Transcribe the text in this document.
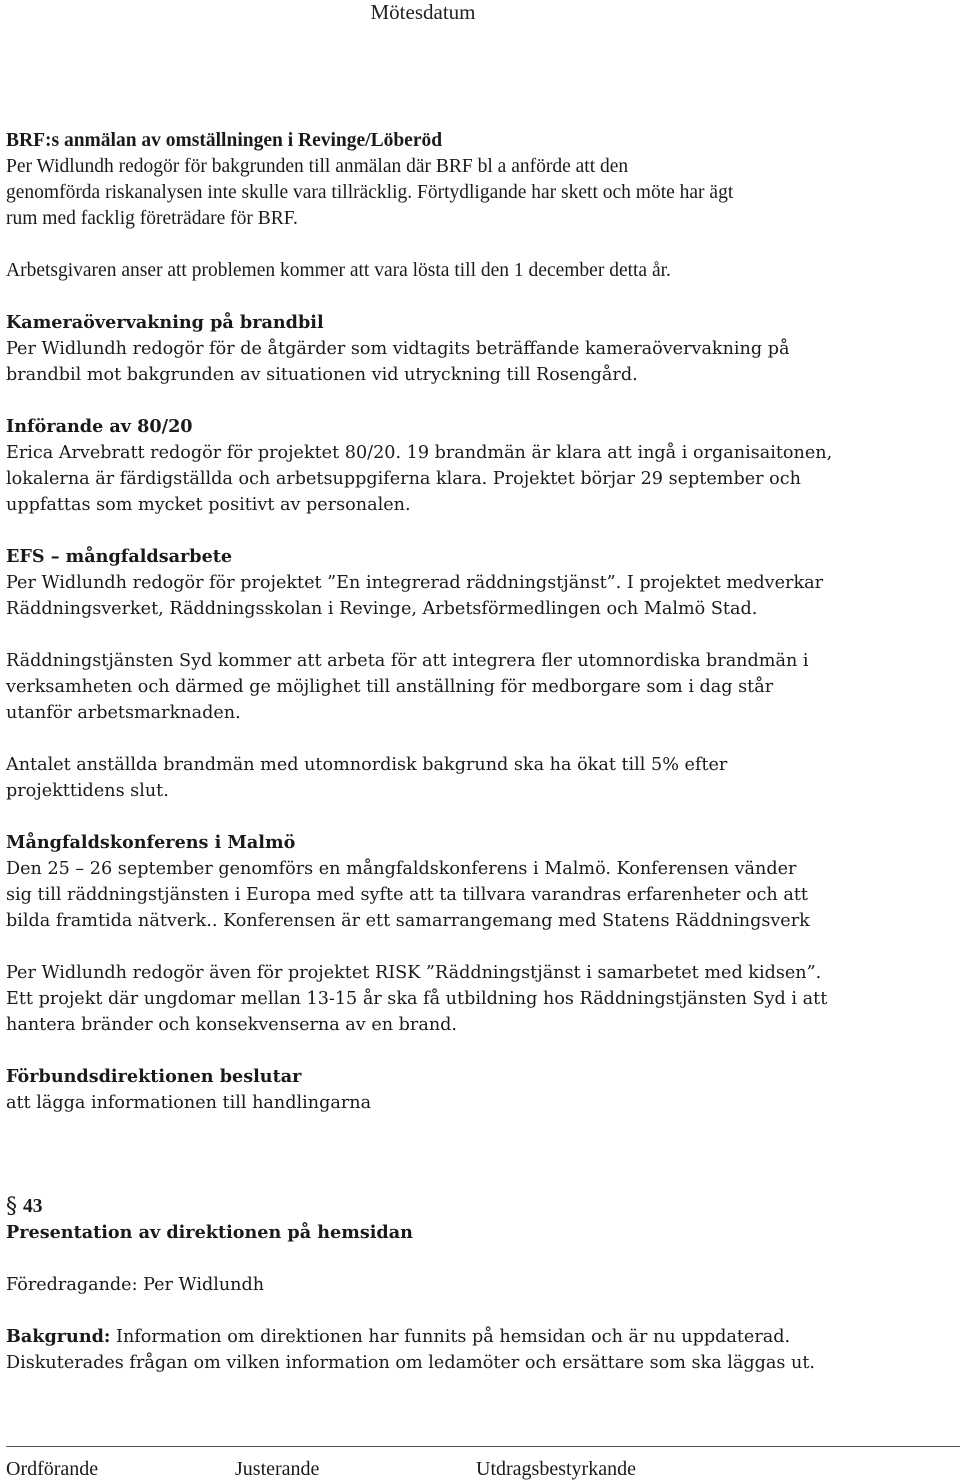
Mötesdatum

BRF:s anmälan av omställningen i Revinge/Löberöd

Per Widlundh redogör för bakgrunden till anmälan där BRF bl a anförde att den

genomförda riskanalysen inte skulle vara tillräcklig. Förtydligande har skett och möte har ägt

rum med facklig företrädare för BRF.

Arbetsgivaren anser att problemen kommer att vara lösta till den 1 december detta år.

Kameraövervakning på brandbil

Per Widlundh redogör för de åtgärder som vidtagits beträffande kameraövervakning på

brandbil mot bakgrunden av situationen vid utryckning till Rosengård.

Införande av 80/20

Erica Arvebratt redogör för projektet 80/20. 19 brandmän är klara att ingå i organisaitonen,

lokalerna är färdigställda och arbetsuppgiferna klara. Projektet börjar 29 september och

uppfattas som mycket positivt av personalen.

EFS – mångfaldsarbete

Per Widlundh redogör för projektet ”En integrerad räddningstjänst”. I projektet medverkar

Räddningsverket, Räddningsskolan i Revinge, Arbetsförmedlingen och Malmö Stad.

Räddningstjänsten Syd kommer att arbeta för att integrera fler utomnordiska brandmän i

verksamheten och därmed ge möjlighet till anställning för medborgare som i dag står

utanför arbetsmarknaden.

Antalet anställda brandmän med utomnordisk bakgrund ska ha ökat till 5% efter

projekttidens slut.

Mångfaldskonferens i Malmö

Den 25 – 26 september genomförs en mångfaldskonferens i Malmö. Konferensen vänder

sig till räddningstjänsten i Europa med syfte att ta tillvara varandras erfarenheter och att

bilda framtida nätverk.. Konferensen är ett samarrangemang med Statens Räddningsverk

Per Widlundh redogör även för projektet RISK ”Räddningstjänst i samarbetet med kidsen”.

Ett projekt där ungdomar mellan 13-15 år ska få utbildning hos Räddningstjänsten Syd i att

hantera bränder och konsekvenserna av en brand.

Förbundsdirektionen beslutar

att lägga informationen till handlingarna

§ 43

Presentation av direktionen på hemsidan

Föredragande: Per Widlundh

Bakgrund: Information om direktionen har funnits på hemsidan och är nu uppdaterad.

Diskuterades frågan om vilken information om ledamöter och ersättare som ska läggas ut.

Ordförande	Justerande	Utdragsbestyrkande
